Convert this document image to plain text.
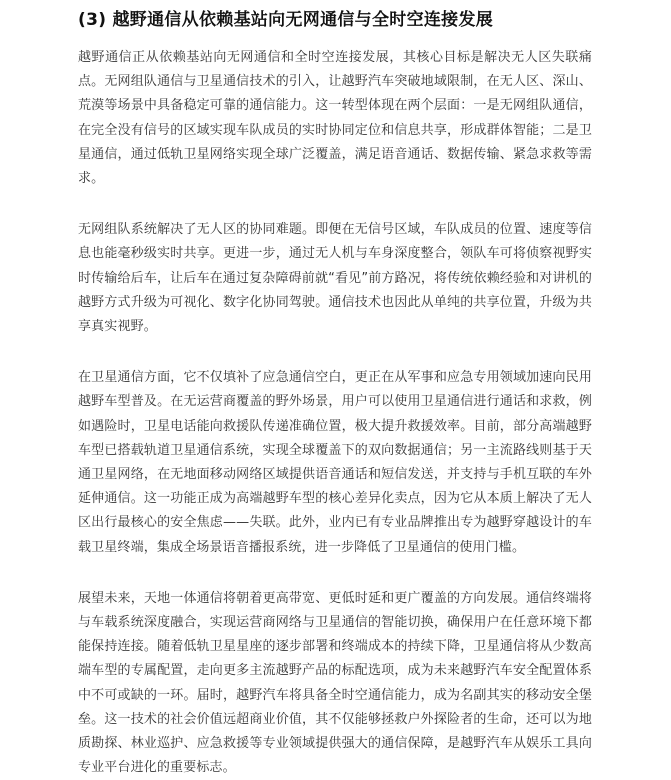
(3) 越野通信从依赖基站向无网通信与全时空连接发展

越野通信正从依赖基站向无网通信和全时空连接发展，其核心目标是解决无人区失联痛点。无网组队通信与卫星通信技术的引入，让越野汽车突破地域限制，在无人区、深山、荒漠等场景中具备稳定可靠的通信能力。这一转型体现在两个层面：一是无网组队通信，在完全没有信号的区域实现车队成员的实时协同定位和信息共享，形成群体智能；二是卫星通信，通过低轨卫星网络实现全球广泛覆盖，满足语音通话、数据传输、紧急求救等需求。

无网组队系统解决了无人区的协同难题。即便在无信号区域，车队成员的位置、速度等信息也能毫秒级实时共享。更进一步，通过无人机与车身深度整合，领队车可将侦察视野实时传输给后车，让后车在通过复杂障碍前就“看见”前方路况，将传统依赖经验和对讲机的越野方式升级为可视化、数字化协同驾驶。通信技术也因此从单纯的共享位置，升级为共享真实视野。

在卫星通信方面，它不仅填补了应急通信空白，更正在从军事和应急专用领域加速向民用越野车型普及。在无运营商覆盖的野外场景，用户可以使用卫星通信进行通话和求救，例如遇险时，卫星电话能向救援队传递准确位置，极大提升救援效率。目前，部分高端越野车型已搭载轨道卫星通信系统，实现全球覆盖下的双向数据通信；另一主流路线则基于天通卫星网络，在无地面移动网络区域提供语音通话和短信发送，并支持与手机互联的车外延伸通信。这一功能正成为高端越野车型的核心差异化卖点，因为它从本质上解决了无人区出行最核心的安全焦虑——失联。此外，业内已有专业品牌推出专为越野穿越设计的车载卫星终端，集成全场景语音播报系统，进一步降低了卫星通信的使用门槛。

展望未来，天地一体通信将朝着更高带宽、更低时延和更广覆盖的方向发展。通信终端将与车载系统深度融合，实现运营商网络与卫星通信的智能切换，确保用户在任意环境下都能保持连接。随着低轨卫星星座的逐步部署和终端成本的持续下降，卫星通信将从少数高端车型的专属配置，走向更多主流越野产品的标配选项，成为未来越野汽车安全配置体系中不可或缺的一环。届时，越野汽车将具备全时空通信能力，成为名副其实的移动安全堡垒。这一技术的社会价值远超商业价值，其不仅能够拯救户外探险者的生命，还可以为地质勘探、林业巡护、应急救援等专业领域提供强大的通信保障，是越野汽车从娱乐工具向专业平台进化的重要标志。
